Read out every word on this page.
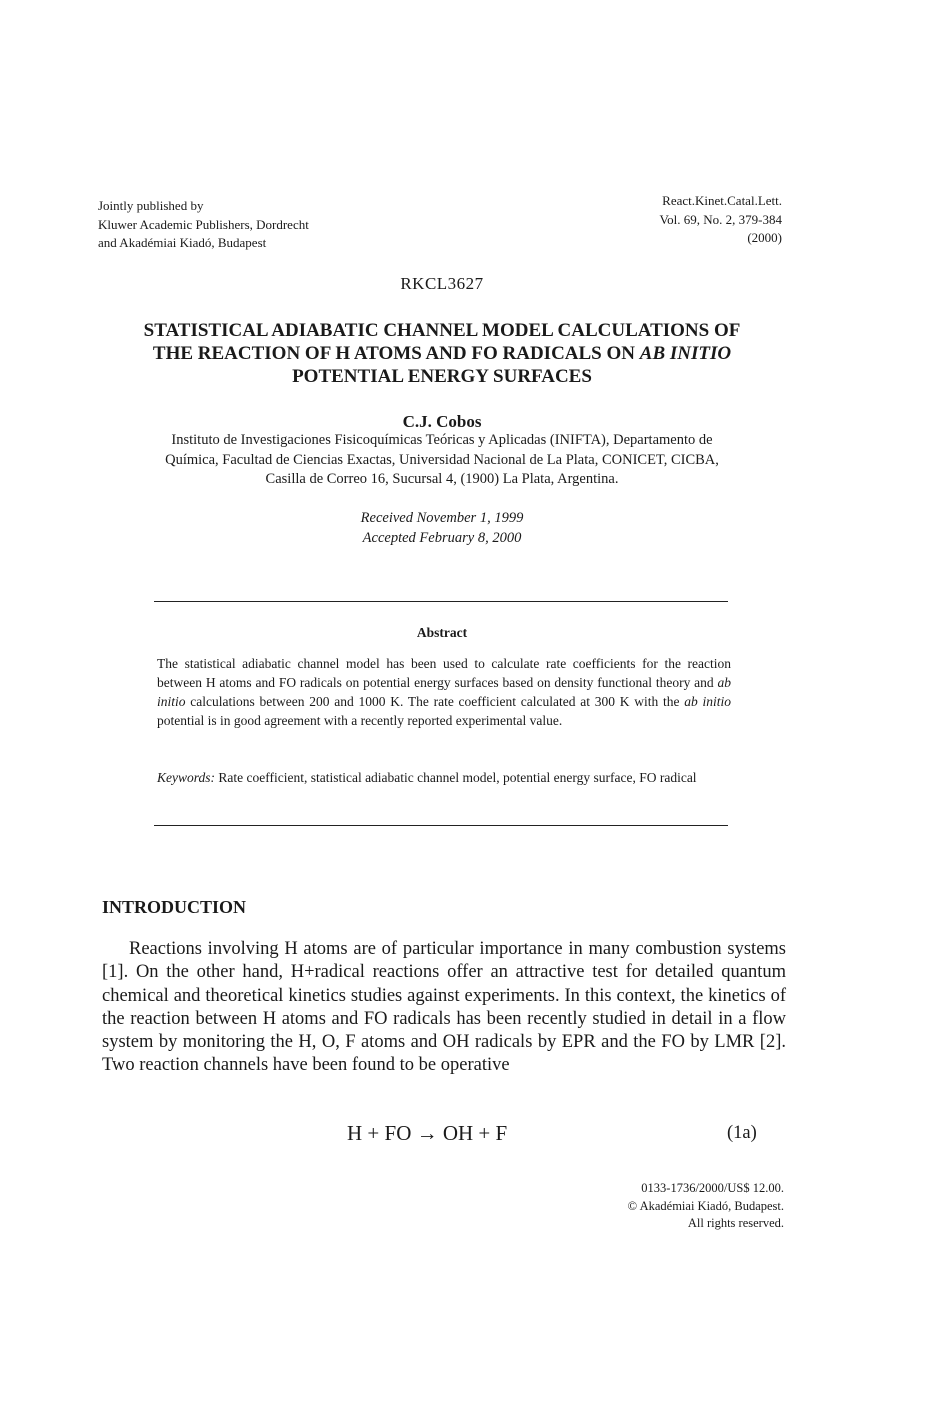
Jointly published by
Kluwer Academic Publishers, Dordrecht
and Akadémiai Kiadó, Budapest
React.Kinet.Catal.Lett.
Vol. 69, No. 2, 379-384
(2000)
RKCL3627
STATISTICAL ADIABATIC CHANNEL MODEL CALCULATIONS OF
THE REACTION OF H ATOMS AND FO RADICALS ON AB INITIO
POTENTIAL ENERGY SURFACES
C.J. Cobos
Instituto de Investigaciones Fisicoquímicas Teóricas y Aplicadas (INIFTA), Departamento de
Química, Facultad de Ciencias Exactas, Universidad Nacional de La Plata, CONICET, CICBA,
Casilla de Correo 16, Sucursal 4, (1900) La Plata, Argentina.
Received November 1, 1999
Accepted February 8, 2000
Abstract
The statistical adiabatic channel model has been used to calculate rate coefficients for the reaction between H atoms and FO radicals on potential energy surfaces based on density functional theory and ab initio calculations between 200 and 1000 K. The rate coefficient calculated at 300 K with the ab initio potential is in good agreement with a recently reported experimental value.
Keywords: Rate coefficient, statistical adiabatic channel model, potential energy surface, FO radical
INTRODUCTION

Reactions involving H atoms are of particular importance in many combustion systems [1]. On the other hand, H+radical reactions offer an attractive test for detailed quantum chemical and theoretical kinetics studies against experiments. In this context, the kinetics of the reaction between H atoms and FO radicals has been recently studied in detail in a flow system by monitoring the H, O, F atoms and OH radicals by EPR and the FO by LMR [2]. Two reaction channels have been found to be operative

H + FO → OH + F	(1a)
0133-1736/2000/US$ 12.00.
© Akadémiai Kiadó, Budapest.
All rights reserved.
